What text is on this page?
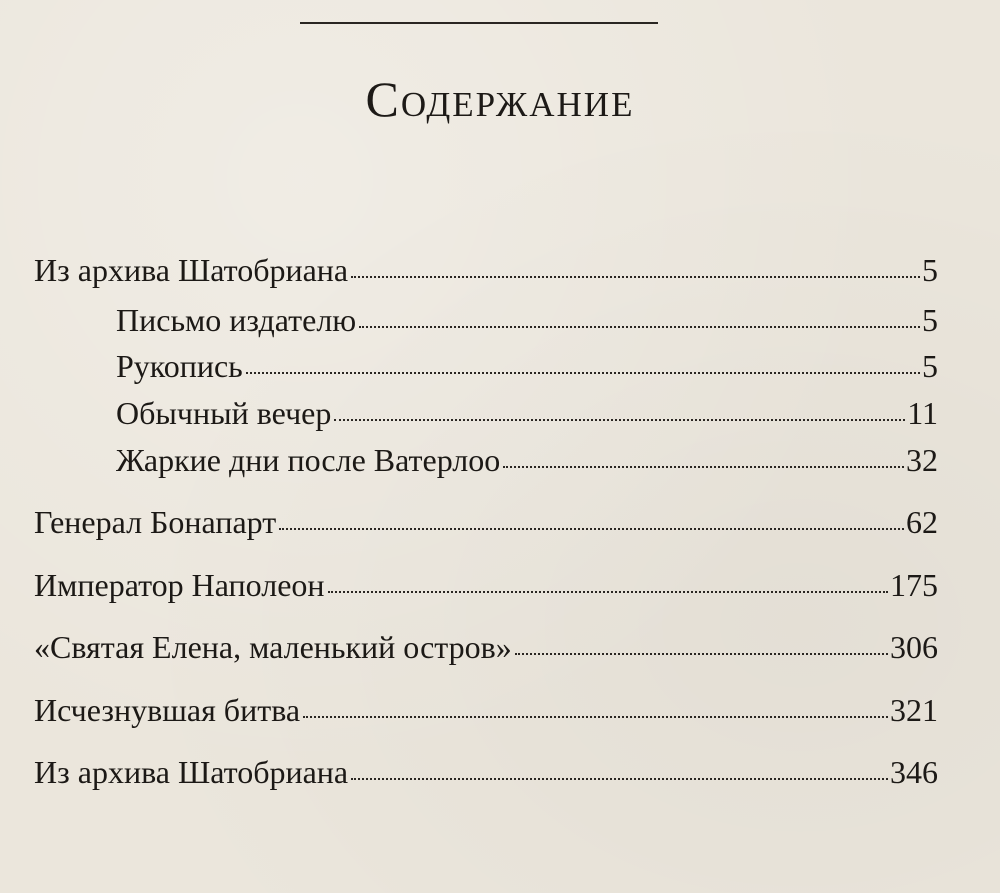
Содержание
Из архива Шатобриана	5
Письмо издателю	5
Рукопись	5
Обычный вечер	11
Жаркие дни после Ватерлоо	32
Генерал Бонапарт	62
Император Наполеон	175
«Святая Елена, маленький остров»	306
Исчезнувшая битва	321
Из архива Шатобриана	346
